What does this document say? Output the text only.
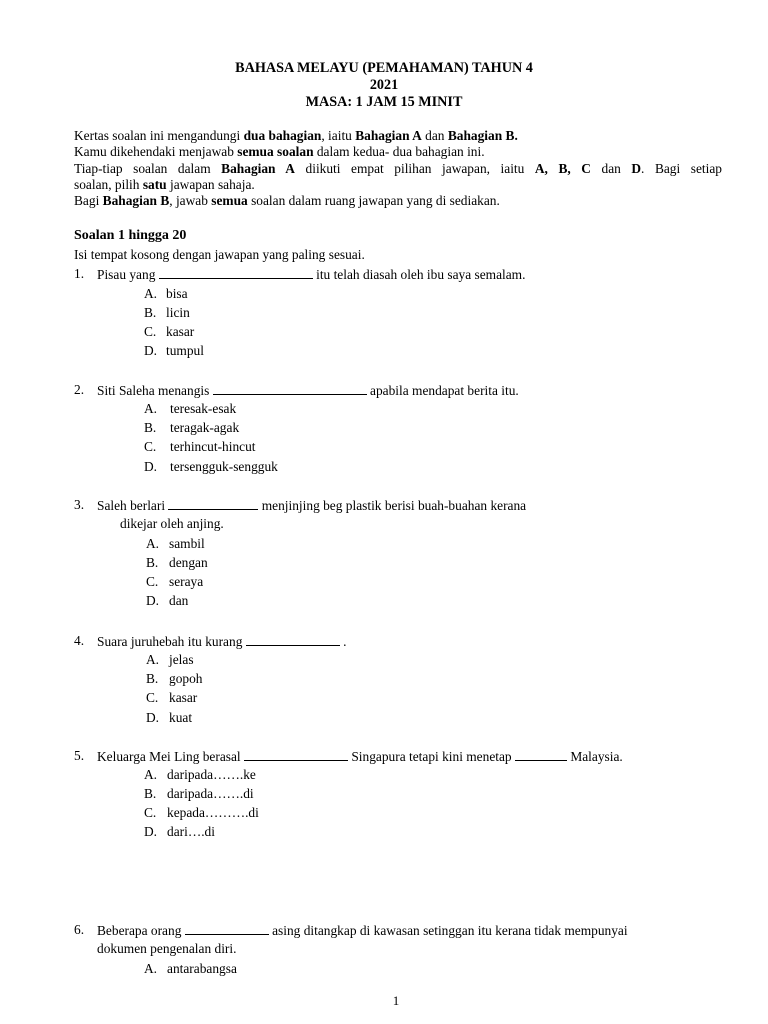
BAHASA MELAYU (PEMAHAMAN) TAHUN 4
2021
MASA: 1 JAM 15 MINIT
Kertas soalan ini mengandungi dua bahagian, iaitu Bahagian A dan Bahagian B.
Kamu dikehendaki menjawab semua soalan dalam kedua- dua bahagian ini.
Tiap-tiap soalan dalam Bahagian A diikuti empat pilihan jawapan, iaitu A, B, C dan D. Bagi setiap
soalan, pilih satu jawapan sahaja.
Bagi Bahagian B, jawab semua soalan dalam ruang jawapan yang di sediakan.
Soalan 1 hingga 20
Isi tempat kosong dengan jawapan yang paling sesuai.
1. Pisau yang	itu telah diasah oleh ibu saya semalam.
A. bisa
B. licin
C. kasar
D. tumpul
2. Siti Saleha menangis	apabila mendapat berita itu.
A. teresak-esak
B. teragak-agak
C. terhincut-hincut
D. tersengguk-sengguk
3. Saleh berlari	menjinjing beg plastik berisi buah-buahan kerana
dikejar oleh anjing.
A. sambil
B. dengan
C. seraya
D. dan
4. Suara juruhebah itu kurang	.
A. jelas
B. gopoh
C. kasar
D. kuat
5. Keluarga Mei Ling berasal	Singapura tetapi kini menetap	Malaysia.
A. daripada…….ke
B. daripada…….di
C. kepada……….di
D. dari….di
6. Beberapa orang	asing ditangkap di kawasan setinggan itu kerana tidak mempunyai
dokumen pengenalan diri.
A. antarabangsa
1
